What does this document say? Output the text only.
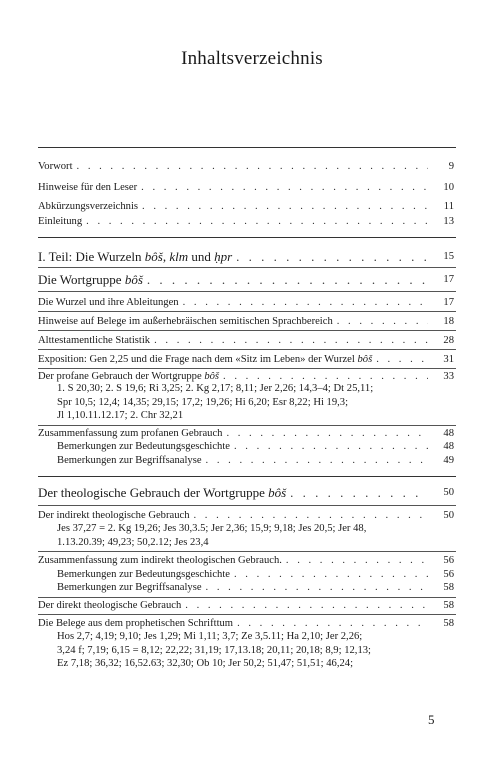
Inhaltsverzeichnis
Vorwort . . .	9
Hinweise für den Leser . . .	10
Abkürzungsverzeichnis . . .	11
Einleitung . . .	13
I. Teil: Die Wurzeln bôš, klm und ḥpr . . .	15
Die Wortgruppe bôš . . .	17
Die Wurzel und ihre Ableitungen . . .	17
Hinweise auf Belege im außerhebräischen semitischen Sprachbereich . . .	18
Alttestamentliche Statistik . . .	28
Exposition: Gen 2,25 und die Frage nach dem «Sitz im Leben» der Wurzel bôš . . .	31
Der profane Gebrauch der Wortgruppe bôš . . .	33
1. S 20,30; 2. S 19,6; Ri 3,25; 2. Kg 2,17; 8,11; Jer 2,26; 14,3–4; Dt 25,11;
Spr 10,5; 12,4; 14,35; 29,15; 17,2; 19,26; Hi 6,20; Esr 8,22; Hi 19,3;
Jl 1,10.11.12.17; 2. Chr 32,21
Zusammenfassung zum profanen Gebrauch . . .	48
Bemerkungen zur Bedeutungsgeschichte . . .	48
Bemerkungen zur Begriffsanalyse . . .	49
Der theologische Gebrauch der Wortgruppe bôš . . .	50
Der indirekt theologische Gebrauch . . .	50
Jes 37,27 = 2. Kg 19,26; Jes 30,3.5; Jer 2,36; 15,9; 9,18; Jes 20,5; Jer 48,
1.13.20.39; 49,23; 50,2.12; Jes 23,4
Zusammenfassung zum indirekt theologischen Gebrauch. . . .	56
Bemerkungen zur Bedeutungsgeschichte . . .	56
Bemerkungen zur Begriffsanalyse . . .	58
Der direkt theologische Gebrauch . . .	58
Die Belege aus dem prophetischen Schrifttum . . .	58
Hos 2,7; 4,19; 9,10; Jes 1,29; Mi 1,11; 3,7; Ze 3,5.11; Ha 2,10; Jer 2,26;
3,24 f; 7,19; 6,15 = 8,12; 22,22; 31,19; 17,13.18; 20,11; 20,18; 8,9; 12,13;
Ez 7,18; 36,32; 16,52.63; 32,30; Ob 10; Jer 50,2; 51,47; 51,51; 46,24;
5
